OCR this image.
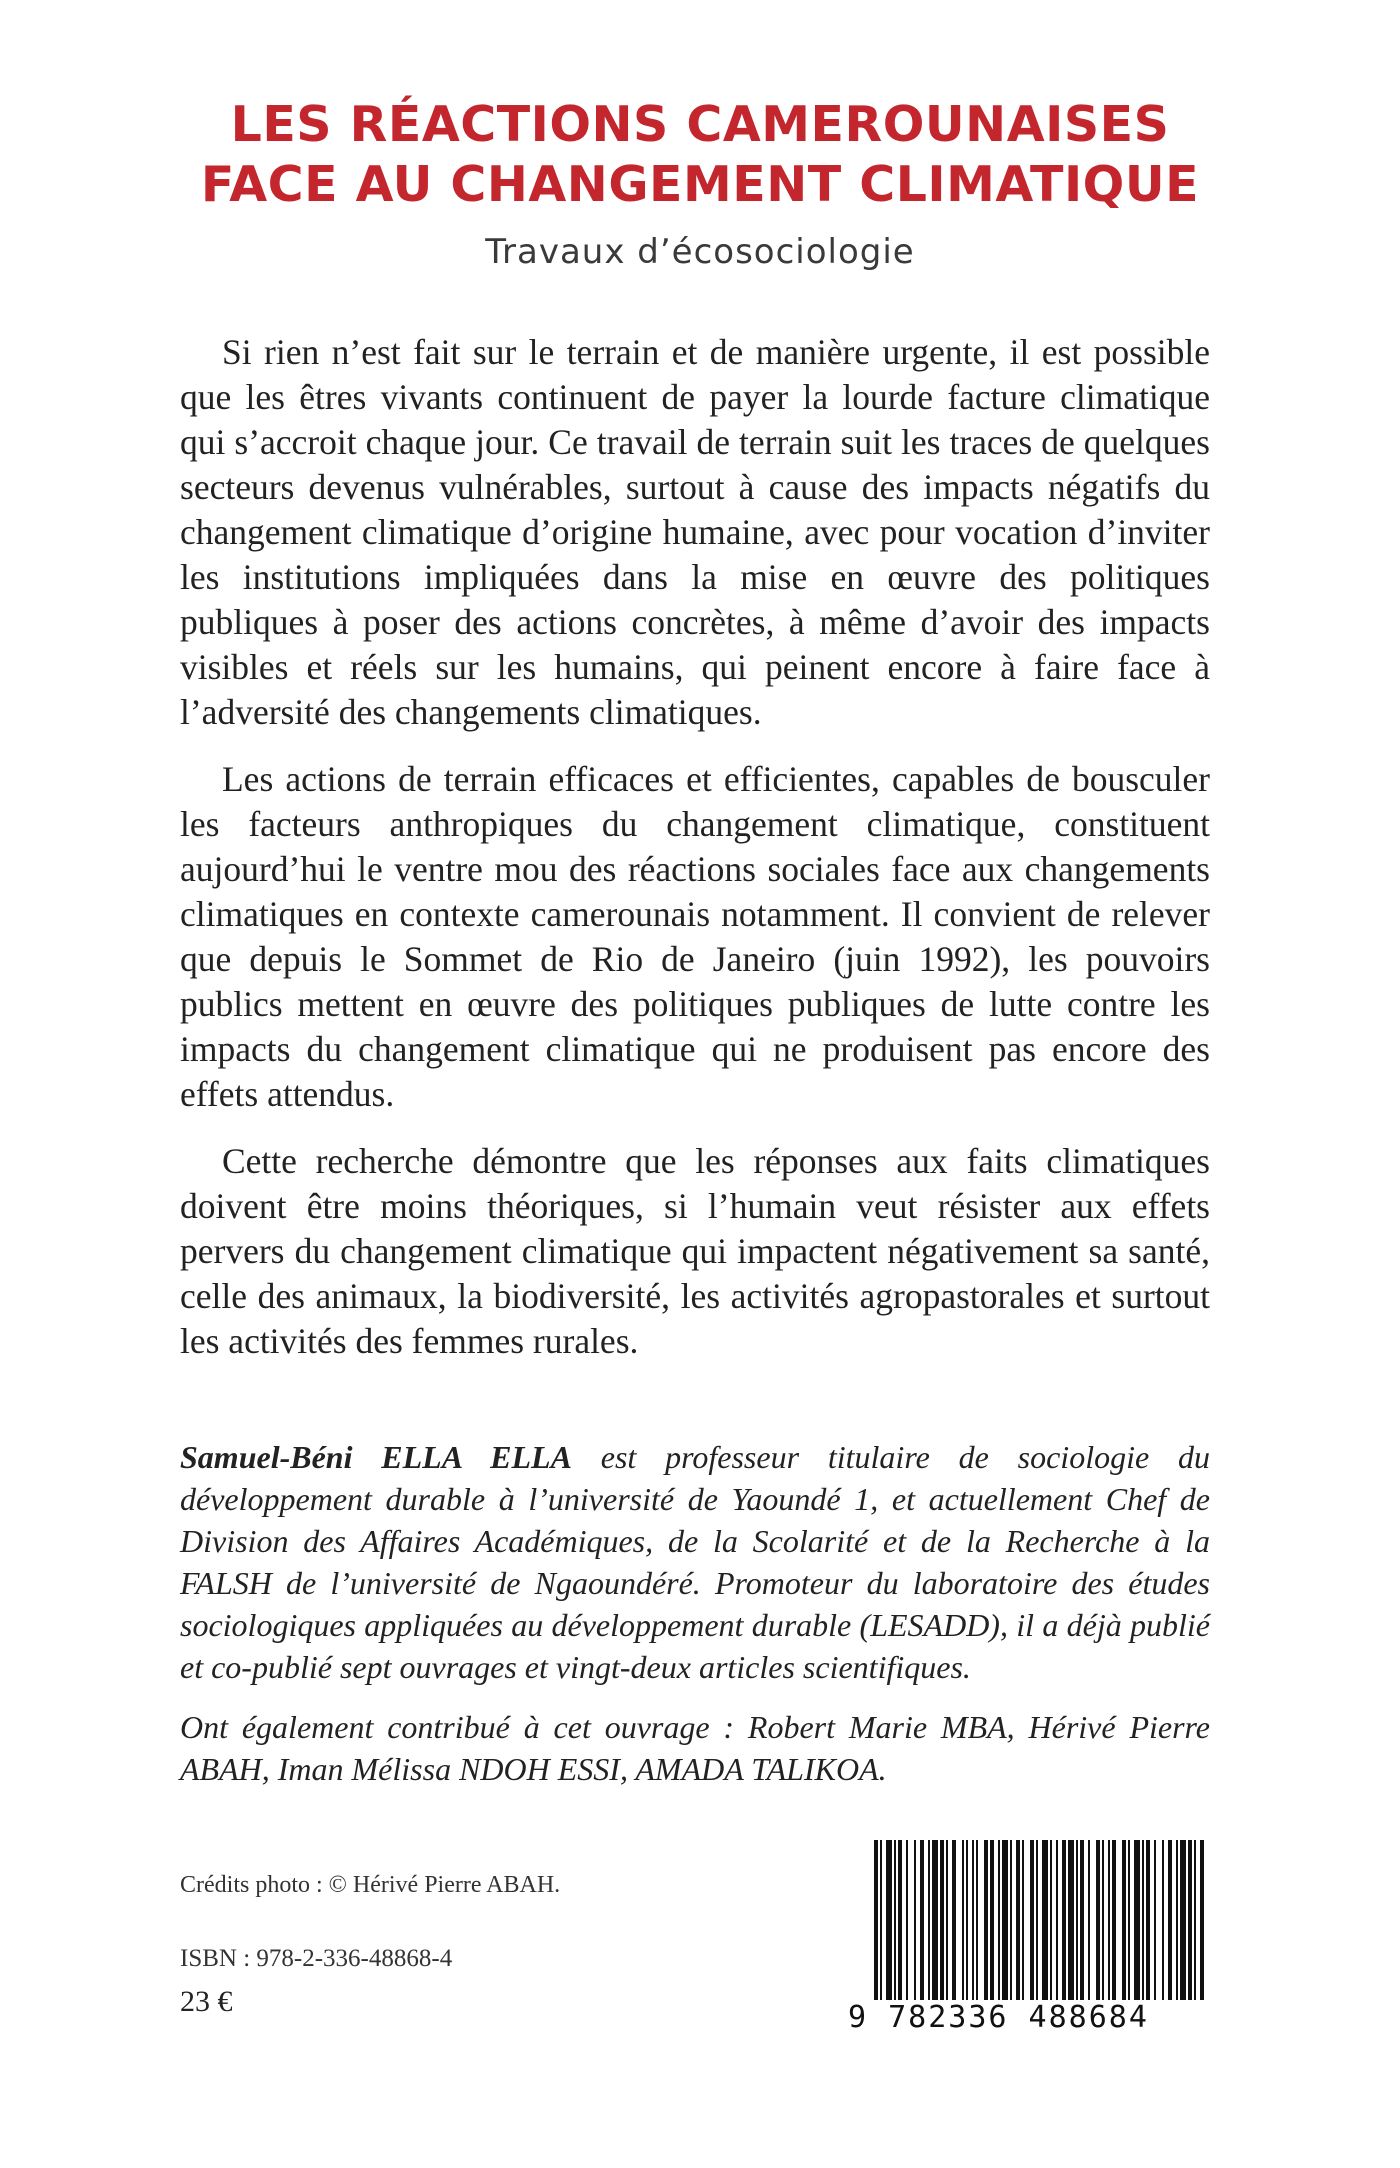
LES RÉACTIONS CAMEROUNAISES
FACE AU CHANGEMENT CLIMATIQUE
Travaux d’écosociologie

Si rien n’est fait sur le terrain et de manière urgente, il est possible que les êtres vivants continuent de payer la lourde facture climatique qui s’accroit chaque jour. Ce travail de terrain suit les traces de quelques secteurs devenus vulnérables, surtout à cause des impacts négatifs du changement climatique d’origine humaine, avec pour vocation d’inviter les institutions impliquées dans la mise en œuvre des politiques publiques à poser des actions concrètes, à même d’avoir des impacts visibles et réels sur les humains, qui peinent encore à faire face à l’adversité des changements climatiques.

Les actions de terrain efficaces et efficientes, capables de bousculer les facteurs anthropiques du changement climatique, constituent aujourd’hui le ventre mou des réactions sociales face aux changements climatiques en contexte camerounais notamment. Il convient de relever que depuis le Sommet de Rio de Janeiro (juin 1992), les pouvoirs publics mettent en œuvre des politiques publiques de lutte contre les impacts du changement climatique qui ne produisent pas encore des effets attendus.

Cette recherche démontre que les réponses aux faits climatiques doivent être moins théoriques, si l’humain veut résister aux effets pervers du changement climatique qui impactent négativement sa santé, celle des animaux, la biodiversité, les activités agropastorales et surtout les activités des femmes rurales.

Samuel-Béni ELLA ELLA est professeur titulaire de sociologie du développement durable à l’université de Yaoundé 1, et actuellement Chef de Division des Affaires Académiques, de la Scolarité et de la Recherche à la FALSH de l’université de Ngaoundéré. Promoteur du laboratoire des études sociologiques appliquées au développement durable (LESADD), il a déjà publié et co-publié sept ouvrages et vingt-deux articles scientifiques.

Ont également contribué à cet ouvrage : Robert Marie MBA, Hérivé Pierre ABAH, Iman Mélissa NDOH ESSI, AMADA TALIKOA.

Crédits photo : © Hérivé Pierre ABAH.
ISBN : 978-2-336-48868-4
23 €	9 782336 488684
